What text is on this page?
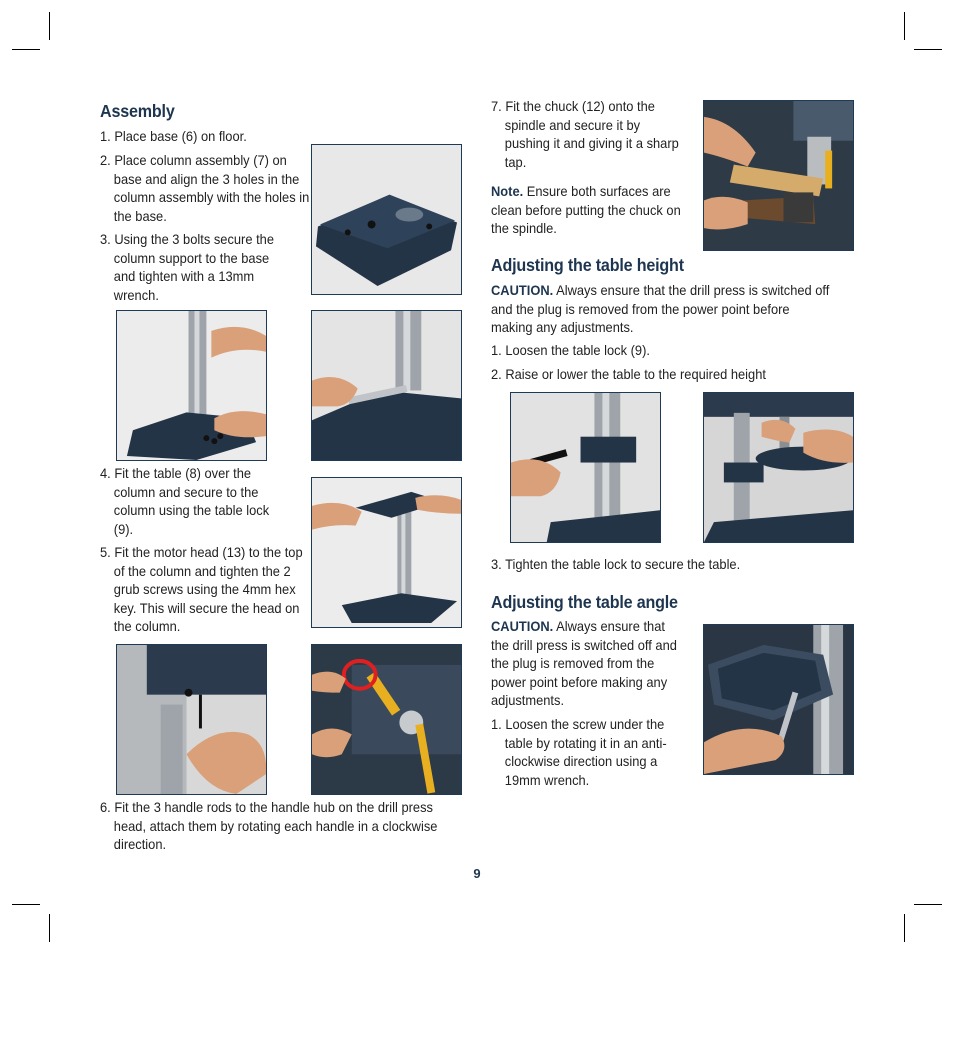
Assembly
1. Place base (6) on floor.
2. Place column assembly (7) on base and align the 3 holes in the column assembly with the holes in the base.
3. Using the 3 bolts secure the column support to the base and tighten with a 13mm wrench.
4. Fit the table (8) over the column and secure to the column using the table lock (9).
5. Fit the motor head (13) to the top of the column and tighten the 2 grub screws using the 4mm hex key. This will secure the head on the column.
6. Fit the 3 handle rods to the handle hub on the drill press head, attach them by rotating each handle in a clockwise direction.
7. Fit the chuck (12) onto the spindle and secure it by pushing it and giving it a sharp tap.
Note. Ensure both surfaces are clean before putting the chuck on the spindle.
Adjusting the table height
CAUTION. Always ensure that the drill press is switched off and the plug is removed from the power point before making any adjustments.
1. Loosen the table lock (9).
2. Raise or lower the table to the required height
3. Tighten the table lock to secure the table.
Adjusting the table angle
CAUTION. Always ensure that the drill press is switched off and the plug is removed from the power point before making any adjustments.
1. Loosen the screw under the table by rotating it in an anti-clockwise direction using a 19mm wrench.
9
